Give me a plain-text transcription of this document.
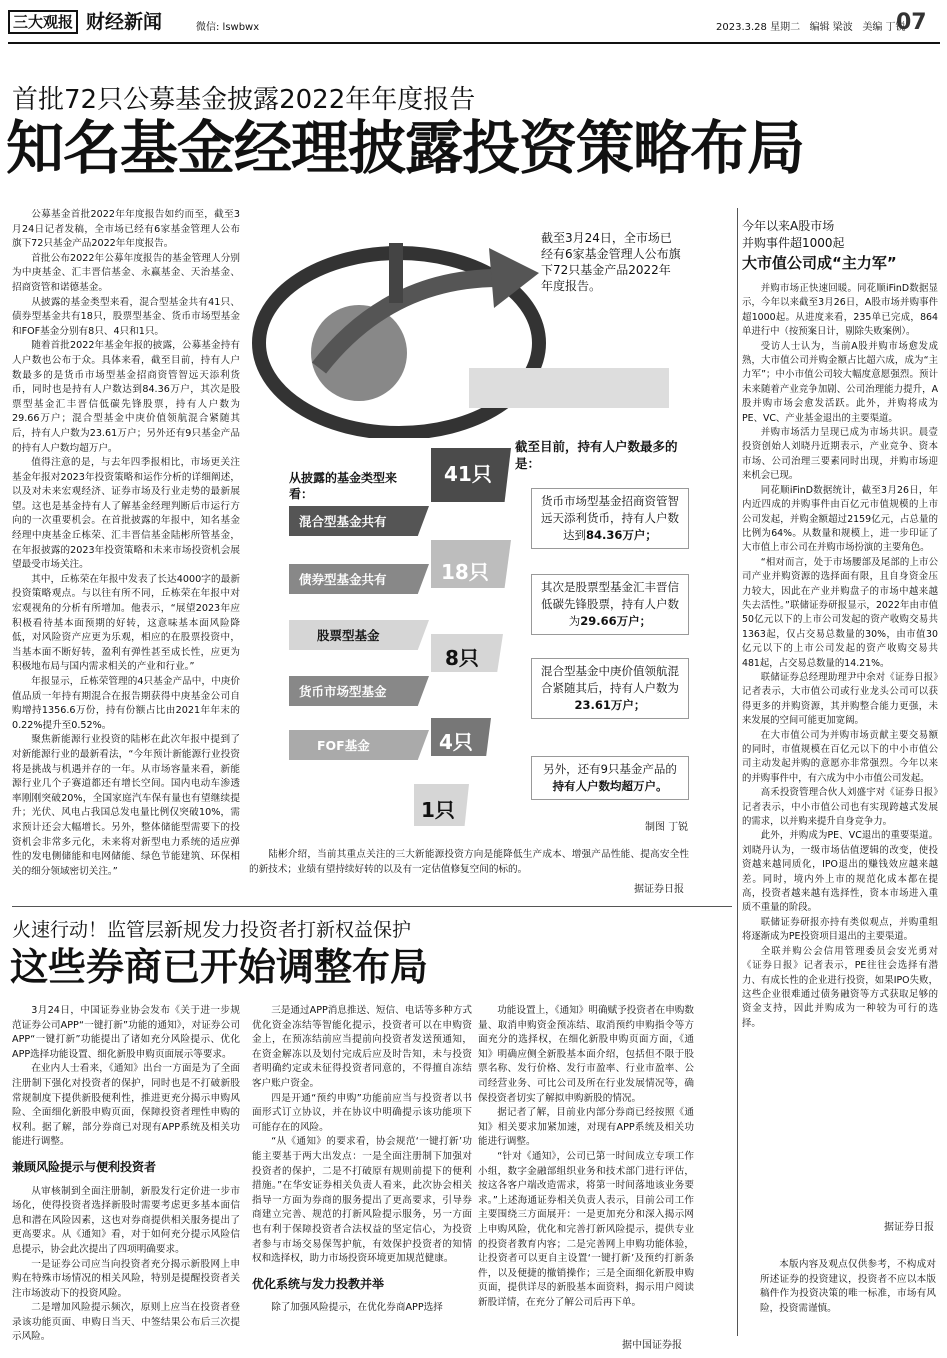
三大观报 财经新闻	微信: lswbwx	2023.3.28 星期二 编辑 梁波 美编 丁锐
07
首批72只公募基金披露2022年年度报告
知名基金经理披露投资策略布局

公募基金首批2022年年度报告如约而至，截至3月24日记者发稿，全市场已经有6家基金管理人公布旗下72只基金产品2022年年度报告。

首批公布2022年公募年度报告的基金管理人分别为中庚基金、汇丰晋信基金、永赢基金、天治基金、招商资管和诺德基金。

从披露的基金类型来看，混合型基金共有41只、债券型基金共有18只，股票型基金、货币市场型基金和FOF基金分别有8只、4只和1只。

随着首批2022年基金年报的披露，公募基金持有人户数也公布于众。具体来看，截至目前，持有人户数最多的是货币市场型基金招商资管智远天添利货币，同时也是持有人户数达到84.36万户，其次是股票型基金汇丰晋信低碳先锋股票，持有人户数为29.66万户；混合型基金中庚价值领航混合紧随其后，持有人户数为23.61万户；另外还有9只基金产品的持有人户数均超万户。

值得注意的是，与去年四季报相比，市场更关注基金年报对2023年投资策略和运作分析的详细阐述，以及对未来宏观经济、证券市场及行业走势的最新展望。这也是基金持有人了解基金经理判断后市运行方向的一次重要机会。在首批披露的年报中，知名基金经理中庚基金丘栋荣、汇丰晋信基金陆彬所管基金，在年报披露的2023年投资策略和未来市场投资机会展望最受市场关注。

其中，丘栋荣在年报中发表了长达4000字的最新投资策略观点。与以往有所不同，丘栋荣在年报中对宏观视角的分析有所增加。他表示，“展望2023年应积极看待基本面预期的好转，这意味基本面风险降低，对风险资产应更为乐观，相应的在股票投资中，当基本面不断好转，盈利有弹性甚至成长性，应更为积极地布局与国内需求相关的产业和行业。”

年报显示，丘栋荣管理的4只基金产品中，中庚价值品质一年持有期混合在报告期获得中庚基金公司自购增持1356.6万份，持有份额占比由2021年年末的0.22%提升至0.52%。

聚焦新能源行业投资的陆彬在此次年报中提到了对新能源行业的最新看法，“今年预计新能源行业投资将是挑战与机遇并存的一年。从市场容量来看，新能源行业几个子赛道都还有增长空间。国内电动车渗透率刚刚突破20%，全国家庭汽车保有量也有望继续提升；光伏、风电占我国总发电量比例仅突破10%，需求预计还会大幅增长。另外，整体储能型需要下的投资机会非常多元化，未来将对新型电力系统的适应弹性的发电侧储能和电网储能、绿色节能建筑、环保相关的细分领域密切关注。”

截至3月24日，全市场已经有6家基金管理人公布旗下72只基金产品2022年年度报告。
从披露的基金类型来看：
截至目前，持有人户数最多的是：
41只
混合型基金共有
18只
债券型基金共有
股票型基金
8只
货币市场型基金
4只
FOF基金
1只
货币市场型基金招商资管智远天添利货币，持有人户数达到84.36万户；
其次是股票型基金汇丰晋信低碳先锋股票，持有人户数为29.66万户；
混合型基金中庚价值领航混合紧随其后，持有人户数为23.61万户；
另外，还有9只基金产品的持有人户数均超万户。
制图 丁锐

陆彬介绍，当前其重点关注的三大新能源投资方向是能降低生产成本、增强产品性能、提高安全性的新技术；业绩有望持续好转的以及有一定估值修复空间的标的。

据证券日报
火速行动！监管层新规发力投资者打新权益保护
这些券商已开始调整布局

3月24日，中国证券业协会发布《关于进一步规范证券公司APP“一键打新”功能的通知》，对证券公司APP“一键打新”功能提出了诸如充分风险提示、优化APP选择功能设置、细化新股申购页面展示等要求。

在业内人士看来，《通知》出台一方面是为了全面注册制下强化对投资者的保护，同时也是不打破新股常规制度下提供新股便利性，推进更充分揭示申购风险、全面细化新股申购页面，保障投资者理性申购的权利。据了解，部分券商已对现有APP系统及相关功能进行调整。

兼顾风险提示与便利投资者

从审核制到全面注册制，新股发行定价进一步市场化，使得投资者选择新股时需要考虑更多基本面信息和潜在风险因素，这也对券商提供相关服务提出了更高要求。从《通知》看，对于如何充分提示风险信息提示，协会此次提出了四项明确要求。

一是证券公司应当向投资者充分揭示新股网上申购在特殊市场情况的相关风险，特别是提醒投资者关注市场波动下的投资风险。

二是增加风险提示频次，原则上应当在投资者登录该功能页面、申购日当天、中签结果公布后三次提示风险。

三是通过APP消息推送、短信、电话等多种方式优化资金冻结等智能化提示，投资者可以在申购资金上，在预冻结前应当提前向投资者发送预通知，在资金解冻以及划付完成后应及时告知，未与投资者明确约定或未征得投资者同意的，不得擅自冻结客户账户资金。

四是开通“预约申购”功能前应当与投资者以书面形式订立协议，并在协议中明确提示该功能项下可能存在的风险。

“从《通知》的要求看，协会规范‘一键打新’功能主要基于两大出发点：一是全面注册制下加强对投资者的保护，二是不打破原有规则前提下的便利措施。”在华安证券相关负责人看来，此次协会相关指导一方面为券商的服务提出了更高要求，引导券商建立完善、规范的打新风险提示服务，另一方面也有利于保障投资者合法权益的坚定信心，为投资者参与市场交易保驾护航，有效保护投资者的知情权和选择权，助力市场投资环境更加规范健康。

优化系统与发力投教并举

除了加强风险提示，在优化券商APP选择

功能设置上，《通知》明确赋予投资者在申购数量、取消申购资金预冻结、取消预约申购指令等方面充分的选择权，在细化新股申购页面方面，《通知》明确应侧全新股基本面介绍，包括但不限于股票名称、发行价格、发行市盈率、行业市盈率、公司经营业务、可比公司及所在行业发展情况等，确保投资者切实了解拟申购新股的情况。

据记者了解，目前业内部分券商已经按照《通知》相关要求加紧加速，对现有APP系统及相关功能进行调整。

“针对《通知》，公司已第一时间成立专项工作小组，数字金融部组织业务和技术部门进行评估，按这各客户端改造需求，将第一时间落地该业务要求。”上述海通证券相关负责人表示，目前公司工作主要围绕三方面展开：一是更加充分和深入揭示网上申购风险，优化和完善打新风险提示，提供专业的投资者教育内容；二是完善网上申购功能体验，让投资者可以更自主设置‘一键打新’及预约打新条件，以及便捷的撤销操作；三是全面细化新股申购页面，提供详尽的新股基本面资料，揭示用户阅读新股详情，在充分了解公司后再下单。

据中国证券报
今年以来A股市场
并购事件超1000起
大市值公司成“主力军”

并购市场正快速回暖。同花顺iFinD数据显示，今年以来截至3月26日，A股市场并购事件超1000起。从进度来看，235单已完成，864单进行中（按预案日计，剔除失败案例）。

受访人士认为，当前A股并购市场愈发成熟，大市值公司并购金额占比超六成，成为“主力军”；中小市值公司较大幅度意愿强烈。预计未来随着产业竞争加剧、公司治理能力提升，A股并购市场会愈发活跃。此外，并购将成为PE、VC、产业基金退出的主要渠道。

并购市场活力呈现已成为市场共识。晨壹投资创始人刘晓丹近期表示，产业竞争、资本市场、公司治理三要素同时出现，并购市场迎来机会已现。

同花顺iFinD数据统计，截至3月26日，年内近四成的并购事件由百亿元市值规模的上市公司发起，并购金额超过2159亿元，占总量的比例为64%。从数量和规模上，进一步印证了大市值上市公司在并购市场扮演的主要角色。

“相对而言，处于市场腰部及尾部的上市公司产业并购资源的选择面有限，且自身资金压力较大，因此在产业并购盘子的市场中越来越失去活性。”联储证券研报显示，2022年由市值50亿元以下的上市公司发起的资产收购交易共1363起，仅占交易总数量的30%，由市值30亿元以下的上市公司发起的资产收购交易共481起，占交易总数量的14.21%。

联储证券总经理助理尹中余对《证券日报》记者表示，大市值公司或行业龙头公司可以获得更多的并购资源，其并购整合能力更强，未来发展的空间可能更加宽阔。

在大市值公司为并购市场贡献主要交易额的同时，市值规模在百亿元以下的中小市值公司主动发起并购的意愿亦非常强烈。今年以来的并购事件中，有六成为中小市值公司发起。

高禾投资管理合伙人刘盛宇对《证券日报》记者表示，中小市值公司也有实现跨越式发展的需求，以并购来提升自身竞争力。

此外，并购成为PE、VC退出的重要渠道。刘晓丹认为，一级市场估值逻辑的改变，使投资越来越同质化，IPO退出的赚钱效应越来越差。同时，境内外上市的规范化成本都在提高，投资者越来越有选择性，资本市场进入重质不重量的阶段。

联储证券研报亦持有类似观点，并购重组将逐渐成为PE投资项目退出的主要渠道。

全联并购公会信用管理委员会安光勇对《证券日报》记者表示，PE往往会选择有潜力、有成长性的企业进行投资，如果IPO失败，这些企业很难通过债务融资等方式获取足够的资金支持，因此并购成为一种较为可行的选择。

据证券日报

本版内容及观点仅供参考，不构成对所述证券的投资建议，投资者不应以本版稿件作为投资决策的唯一标准，市场有风险，投资需谨慎。
